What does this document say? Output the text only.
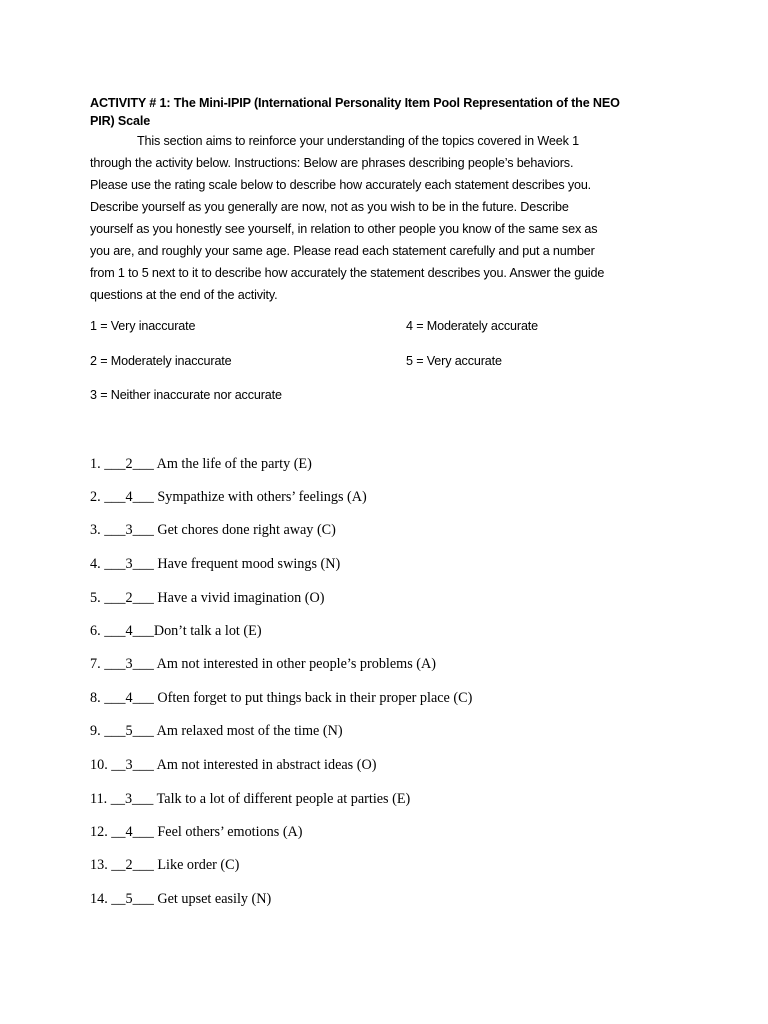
ACTIVITY # 1: The Mini-IPIP (International Personality Item Pool Representation of the NEO
PIR) Scale
This section aims to reinforce your understanding of the topics covered in Week 1
through the activity below. Instructions: Below are phrases describing people’s behaviors.
Please use the rating scale below to describe how accurately each statement describes you.
Describe yourself as you generally are now, not as you wish to be in the future. Describe
yourself as you honestly see yourself, in relation to other people you know of the same sex as
you are, and roughly your same age. Please read each statement carefully and put a number
from 1 to 5 next to it to describe how accurately the statement describes you. Answer the guide
questions at the end of the activity.
1 = Very inaccurate
2 = Moderately inaccurate
3 = Neither inaccurate nor accurate
4 = Moderately accurate
5 = Very accurate
1. ___2___ Am the life of the party (E)
2. ___4___ Sympathize with others’ feelings (A)
3. ___3___ Get chores done right away (C)
4. ___3___ Have frequent mood swings (N)
5. ___2___ Have a vivid imagination (O)
6. ___4___Don’t talk a lot (E)
7. ___3___ Am not interested in other people’s problems (A)
8. ___4___ Often forget to put things back in their proper place (C)
9. ___5___ Am relaxed most of the time (N)
10. __3___ Am not interested in abstract ideas (O)
11. __3___ Talk to a lot of different people at parties (E)
12. __4___ Feel others’ emotions (A)
13. __2___ Like order (C)
14. __5___ Get upset easily (N)
